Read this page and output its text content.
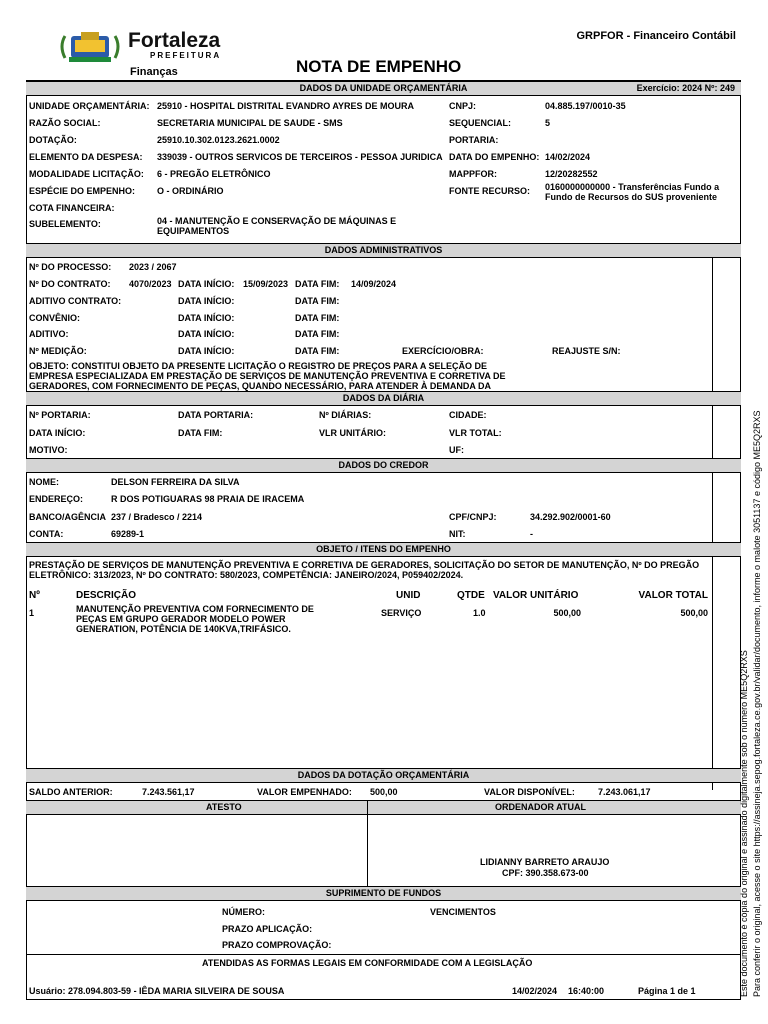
Fortaleza
PREFEITURA
Finanças
GRPFOR - Financeiro Contábil
NOTA DE EMPENHO
DADOS DA UNIDADE ORÇAMENTÁRIA	Exercício: 2024 Nº: 249
UNIDADE ORÇAMENTÁRIA: 25910 - HOSPITAL DISTRITAL EVANDRO AYRES DE MOURA	CNPJ:	04.885.197/0010-35
RAZÃO SOCIAL:	SECRETARIA MUNICIPAL DE SAUDE - SMS	SEQUENCIAL:	5
DOTAÇÃO:	25910.10.302.0123.2621.0002	PORTARIA:
ELEMENTO DA DESPESA: 339039 - OUTROS SERVICOS DE TERCEIROS - PESSOA JURIDICA DATA DO EMPENHO: 14/02/2024
MODALIDADE LICITAÇÃO: 6 - PREGÃO ELETRÔNICO	MAPPFOR:	12/20282552
ESPÉCIE DO EMPENHO: O - ORDINÁRIO	FONTE RECURSO: 0160000000000 - Transferências Fundo a Fundo de Recursos do SUS proveniente
COTA FINANCEIRA:
SUBELEMENTO:	04 - MANUTENÇÃO E CONSERVAÇÃO DE MÁQUINAS E EQUIPAMENTOS
DADOS ADMINISTRATIVOS
Nº DO PROCESSO: 2023 / 2067
Nº DO CONTRATO: 4070/2023 DATA INÍCIO: 15/09/2023 DATA FIM: 14/09/2024
ADITIVO CONTRATO:	DATA INÍCIO:	DATA FIM:
CONVÊNIO:	DATA INÍCIO:	DATA FIM:
ADITIVO:	DATA INÍCIO:	DATA FIM:
Nº MEDIÇÃO:	DATA INÍCIO:	DATA FIM:	EXERCÍCIO/OBRA:	REAJUSTE S/N:
OBJETO: CONSTITUI OBJETO DA PRESENTE LICITAÇÃO O REGISTRO DE PREÇOS PARA A SELEÇÃO DE EMPRESA ESPECIALIZADA EM PRESTAÇÃO DE SERVIÇOS DE MANUTENÇÃO PREVENTIVA E CORRETIVA DE GERADORES, COM FORNECIMENTO DE PEÇAS, QUANDO NECESSÁRIO, PARA ATENDER À DEMANDA DA
DADOS DA DIÁRIA
Nº PORTARIA:	DATA PORTARIA:	Nº DIÁRIAS:	CIDADE:
DATA INÍCIO:	DATA FIM:	VLR UNITÁRIO:	VLR TOTAL:
MOTIVO:	UF:
DADOS DO CREDOR
NOME:	DELSON FERREIRA DA SILVA
ENDEREÇO:	R DOS POTIGUARAS 98 PRAIA DE IRACEMA
BANCO/AGÊNCIA 237 / Bradesco / 2214	CPF/CNPJ:	34.292.902/0001-60
CONTA:	69289-1	NIT:	-
OBJETO / ITENS DO EMPENHO
PRESTAÇÃO DE SERVIÇOS DE MANUTENÇÃO PREVENTIVA E CORRETIVA DE GERADORES, SOLICITAÇÃO DO SETOR DE MANUTENÇÃO, Nº DO PREGÃO ELETRÔNICO: 313/2023, Nº DO CONTRATO: 580/2023, COMPETÊNCIA: JANEIRO/2024, P059402/2024.
Nº	DESCRIÇÃO	UNID	QTDE VALOR UNITÁRIO	VALOR TOTAL
1	MANUTENÇÃO PREVENTIVA COM FORNECIMENTO DE PEÇAS EM GRUPO GERADOR MODELO POWER GENERATION, POTÊNCIA DE 140KVA,TRIFÁSICO.
SERVIÇO	1.0	500,00	500,00
DADOS DA DOTAÇÃO ORÇAMENTÁRIA
SALDO ANTERIOR:	7.243.561,17	VALOR EMPENHADO: 500,00	VALOR DISPONÍVEL:	7.243.061,17
ATESTO	ORDENADOR ATUAL
LIDIANNY BARRETO ARAUJO
CPF: 390.358.673-00
SUPRIMENTO DE FUNDOS
NÚMERO:	VENCIMENTOS
PRAZO APLICAÇÃO:
PRAZO COMPROVAÇÃO:
ATENDIDAS AS FORMAS LEGAIS EM CONFORMIDADE COM A LEGISLAÇÃO
Usuário: 278.094.803-59 - IÊDA MARIA SILVEIRA DE SOUSA	14/02/2024 16:40:00	Página 1 de 1	Este documento é cópia do original e assinado digitalmente sob o número ME5Q2RXS Para conferir o original, acesse o site https://assineja.sepog.fortaleza.ce.gov.br/validar/documento, informe o malote 3051137 e código ME5Q2RXS
